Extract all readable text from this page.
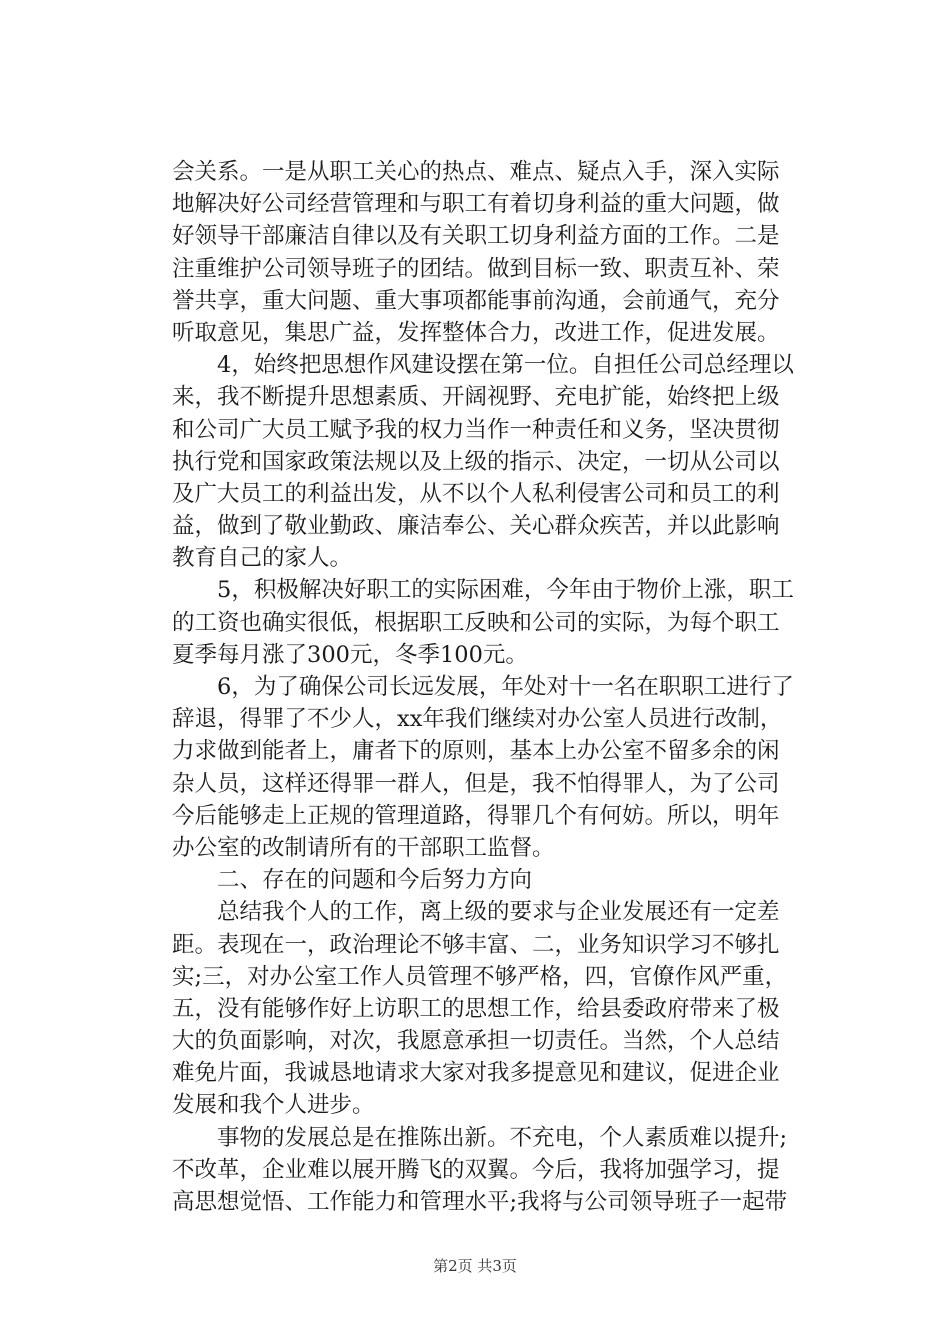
会关系。一是从职工关心的热点、难点、疑点入手，深入实际
地解决好公司经营管理和与职工有着切身利益的重大问题，做
好领导干部廉洁自律以及有关职工切身利益方面的工作。二是
注重维护公司领导班子的团结。做到目标一致、职责互补、荣
誉共享，重大问题、重大事项都能事前沟通，会前通气，充分
听取意见，集思广益，发挥整体合力，改进工作，促进发展。
　　4，始终把思想作风建设摆在第一位。自担任公司总经理以
来，我不断提升思想素质、开阔视野、充电扩能，始终把上级
和公司广大员工赋予我的权力当作一种责任和义务，坚决贯彻
执行党和国家政策法规以及上级的指示、决定，一切从公司以
及广大员工的利益出发，从不以个人私利侵害公司和员工的利
益，做到了敬业勤政、廉洁奉公、关心群众疾苦，并以此影响
教育自己的家人。
　　5，积极解决好职工的实际困难，今年由于物价上涨，职工
的工资也确实很低，根据职工反映和公司的实际，为每个职工
夏季每月涨了300元，冬季100元。
　　6，为了确保公司长远发展，年处对十一名在职职工进行了
辞退，得罪了不少人，xx年我们继续对办公室人员进行改制，
力求做到能者上，庸者下的原则，基本上办公室不留多余的闲
杂人员，这样还得罪一群人，但是，我不怕得罪人，为了公司
今后能够走上正规的管理道路，得罪几个有何妨。所以，明年
办公室的改制请所有的干部职工监督。
　　二、存在的问题和今后努力方向
　　总结我个人的工作，离上级的要求与企业发展还有一定差
距。表现在一，政治理论不够丰富、二，业务知识学习不够扎
实;三，对办公室工作人员管理不够严格，四，官僚作风严重，
五，没有能够作好上访职工的思想工作，给县委政府带来了极
大的负面影响，对次，我愿意承担一切责任。当然，个人总结
难免片面，我诚恳地请求大家对我多提意见和建议，促进企业
发展和我个人进步。
　　事物的发展总是在推陈出新。不充电，个人素质难以提升;
不改革，企业难以展开腾飞的双翼。今后，我将加强学习，提
高思想觉悟、工作能力和管理水平;我将与公司领导班子一起带
第2页 共3页
